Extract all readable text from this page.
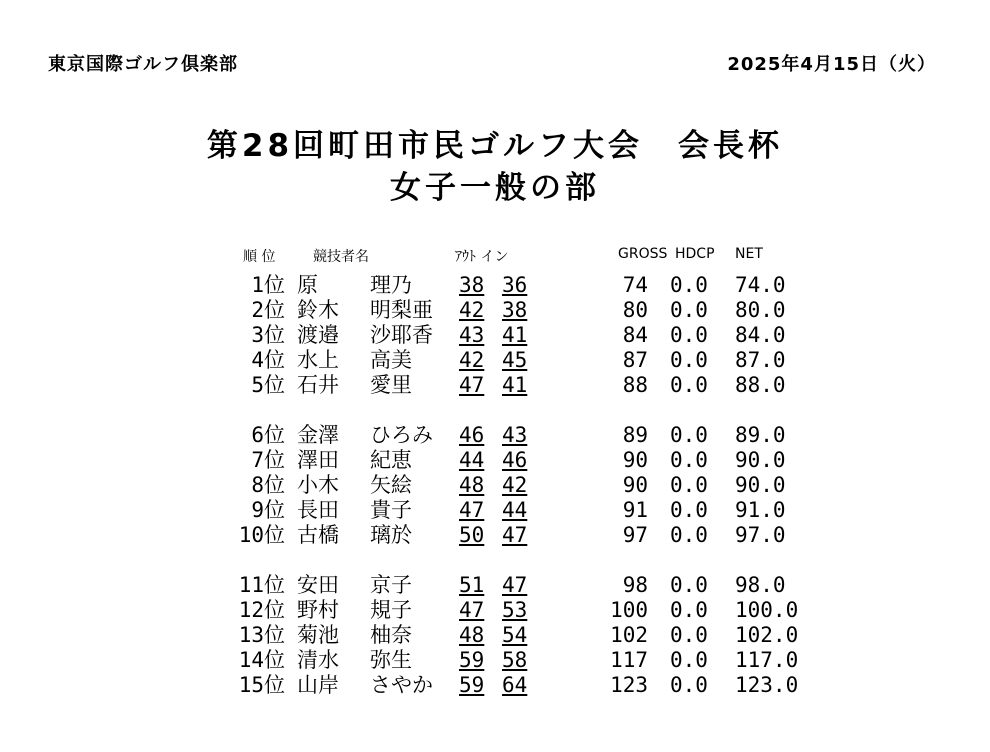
東京国際ゴルフ倶楽部	2025年4月15日（火）
第28回町田市民ゴルフ大会　会長杯
女子一般の部
順 位	競技者名	ｱｳﾄ イン	GROSS HDCP NET
1位 原 理乃 38 36	74 0.0 74.0
2位 鈴木 明梨亜 42 38	80 0.0 80.0
3位 渡邉 沙耶香 43 41	84 0.0 84.0
4位 水上 高美 42 45	87 0.0 87.0
5位 石井 愛里 47 41	88 0.0 88.0
6位 金澤 ひろみ 46 43	89 0.0 89.0
7位 澤田 紀恵 44 46	90 0.0 90.0
8位 小木 矢絵 48 42	90 0.0 90.0
9位 長田 貴子 47 44	91 0.0 91.0
10位 古橋 璃於 50 47	97 0.0 97.0
11位 安田 京子 51 47	98 0.0 98.0
12位 野村 規子 47 53	100 0.0 100.0
13位 菊池 柚奈 48 54	102 0.0 102.0
14位 清水 弥生 59 58	117 0.0 117.0
15位 山岸 さやか 59 64	123 0.0 123.0
